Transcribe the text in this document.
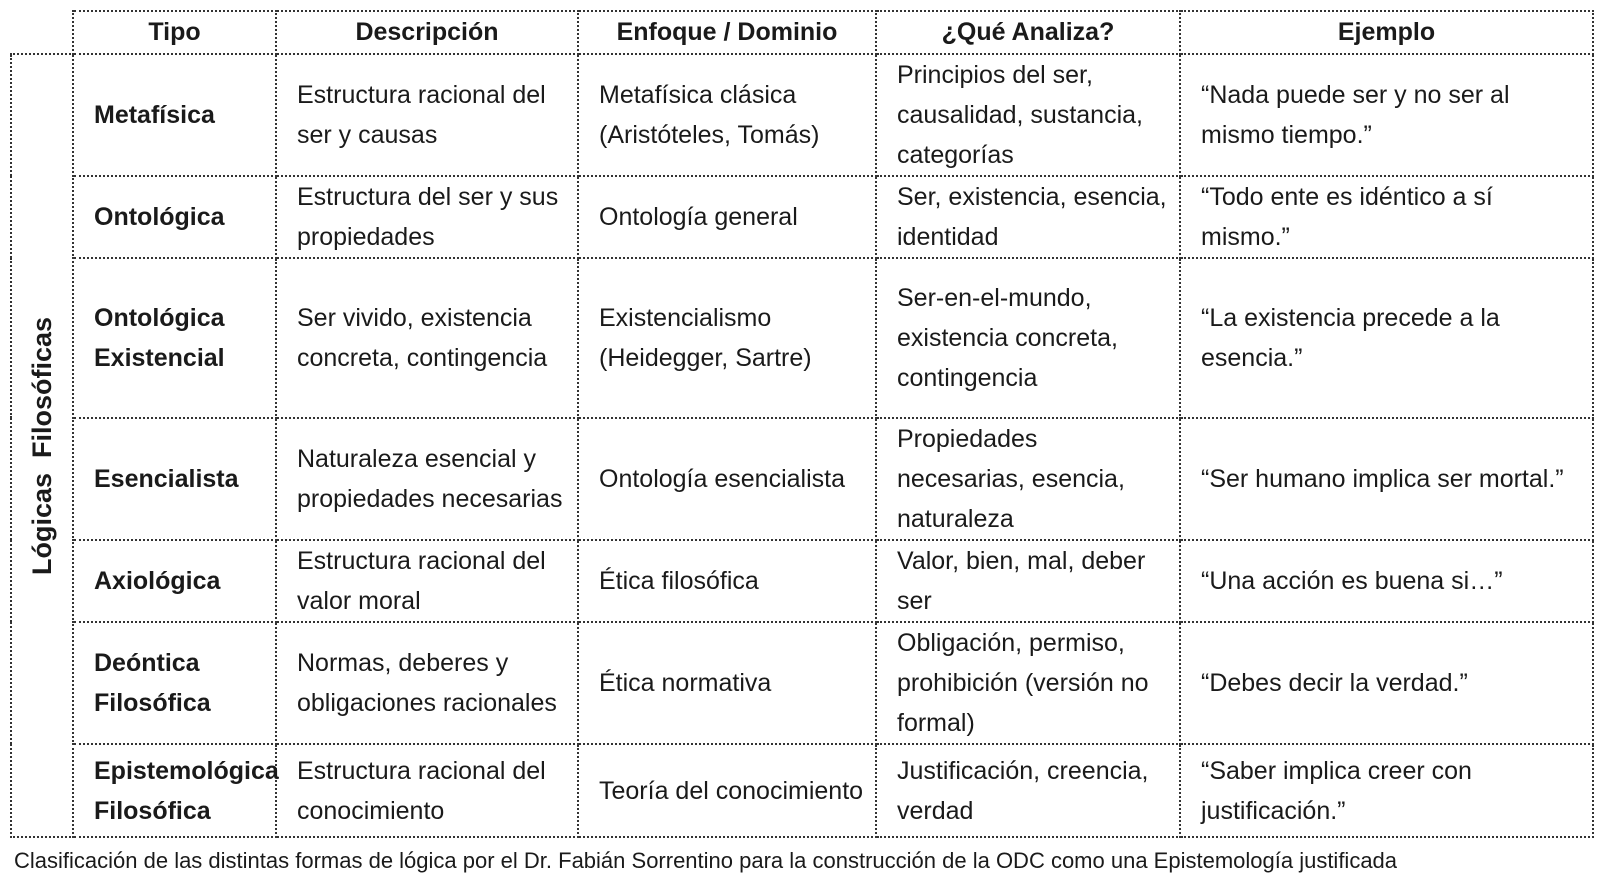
	Tipo	Descripción	Enfoque / Dominio	¿Qué Analiza?	Ejemplo

Lógicas  Filosóficas	Metafísica	Estructura racional del ser y causas	Metafísica clásica (Aristóteles, Tomás)	Principios del ser, causalidad, sustancia, categorías	“Nada puede ser y no ser al mismo tiempo.”
	Ontológica	Estructura del ser y sus propiedades	Ontología general	Ser, existencia, esencia, identidad	“Todo ente es idéntico a sí mismo.”
	Ontológica Existencial	Ser vivido, existencia concreta, contingencia	Existencialismo (Heidegger, Sartre)	Ser-en-el-mundo, existencia concreta, contingencia	“La existencia precede a la esencia.”
	Esencialista	Naturaleza esencial y propiedades necesarias	Ontología esencialista	Propiedades necesarias, esencia, naturaleza	“Ser humano implica ser mortal.”
	Axiológica	Estructura racional del valor moral	Ética filosófica	Valor, bien, mal, deber ser	“Una acción es buena si…”
	Deóntica Filosófica	Normas, deberes y obligaciones racionales	Ética normativa	Obligación, permiso, prohibición (versión no formal)	“Debes decir la verdad.”
	Epistemológica Filosófica	Estructura racional del conocimiento	Teoría del conocimiento	Justificación, creencia, verdad	“Saber implica creer con justificación.”
Clasificación de las distintas formas de lógica por el Dr. Fabián Sorrentino para la construcción de la ODC como una Epistemología justificada
